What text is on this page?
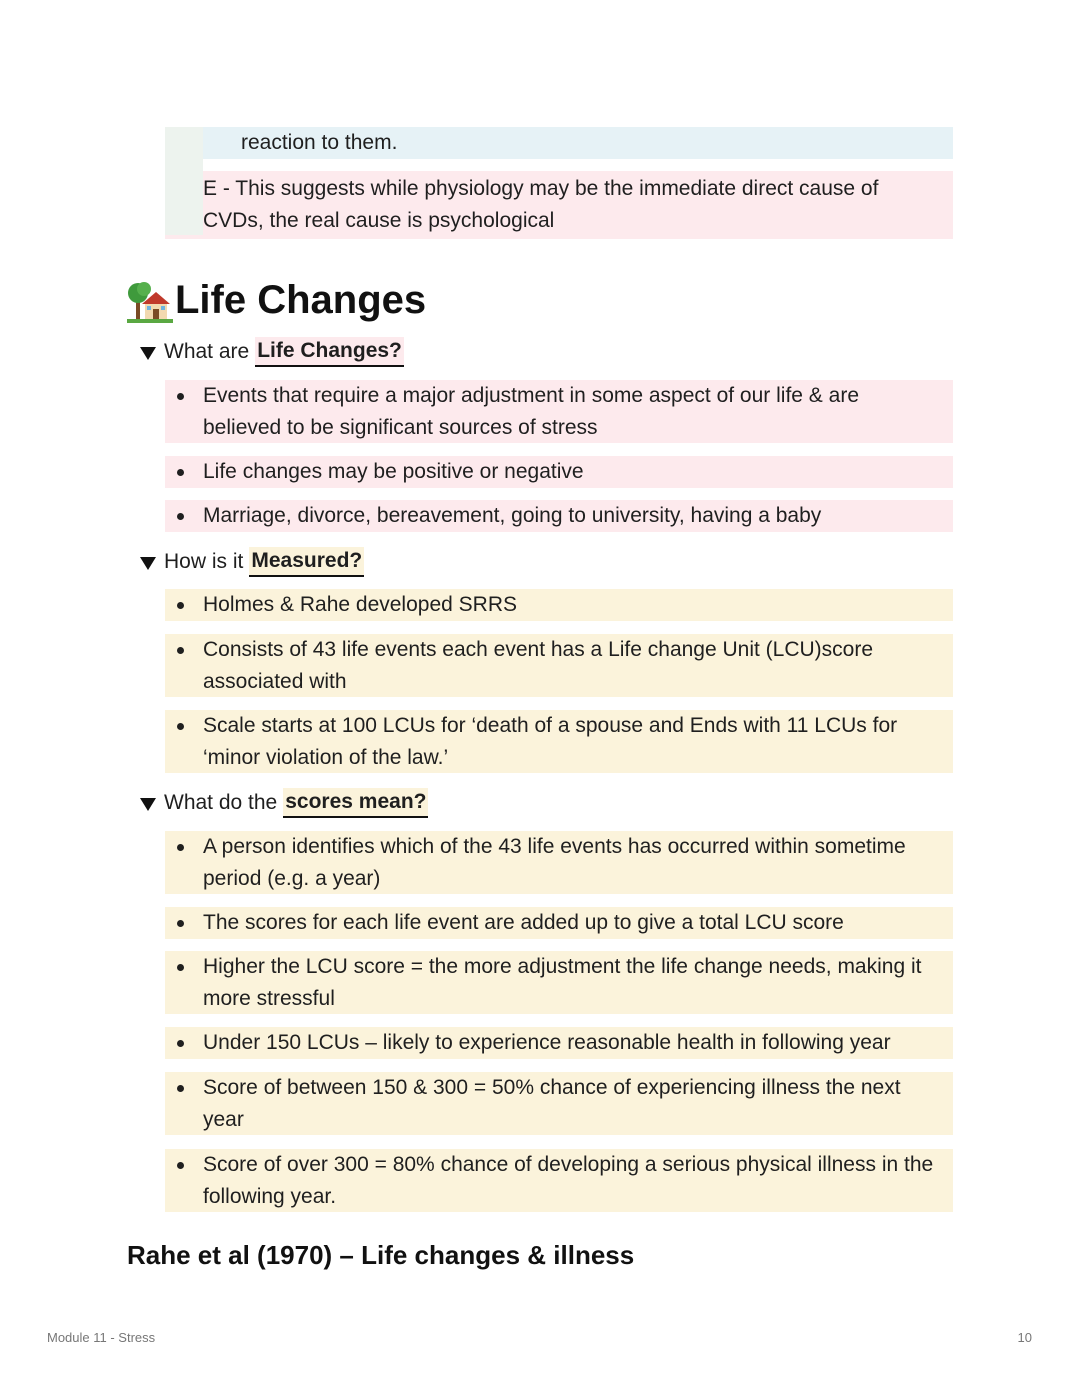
reaction to them.
E - This suggests while physiology may be the immediate direct cause of CVDs, the real cause is psychological
Life Changes
What are Life Changes?
Events that require a major adjustment in some aspect of our life & are believed to be significant sources of stress
Life changes may be positive or negative
Marriage, divorce, bereavement, going to university, having a baby
How is it Measured?
Holmes & Rahe developed SRRS
Consists of 43 life events each event has a Life change Unit (LCU)score associated with
Scale starts at 100 LCUs for ‘death of a spouse and Ends with 11 LCUs for ‘minor violation of the law.’
What do the scores mean?
A person identifies which of the 43 life events has occurred within sometime period (e.g. a year)
The scores for each life event are added up to give a total LCU score
Higher the LCU score = the more adjustment the life change needs, making it more stressful
Under 150 LCUs – likely to experience reasonable health in following year
Score of between 150 & 300 = 50% chance of experiencing illness the next year
Score of over 300 = 80% chance of developing a serious physical illness in the following year.
Rahe et al (1970) – Life changes & illness
Module 11 - Stress	10
